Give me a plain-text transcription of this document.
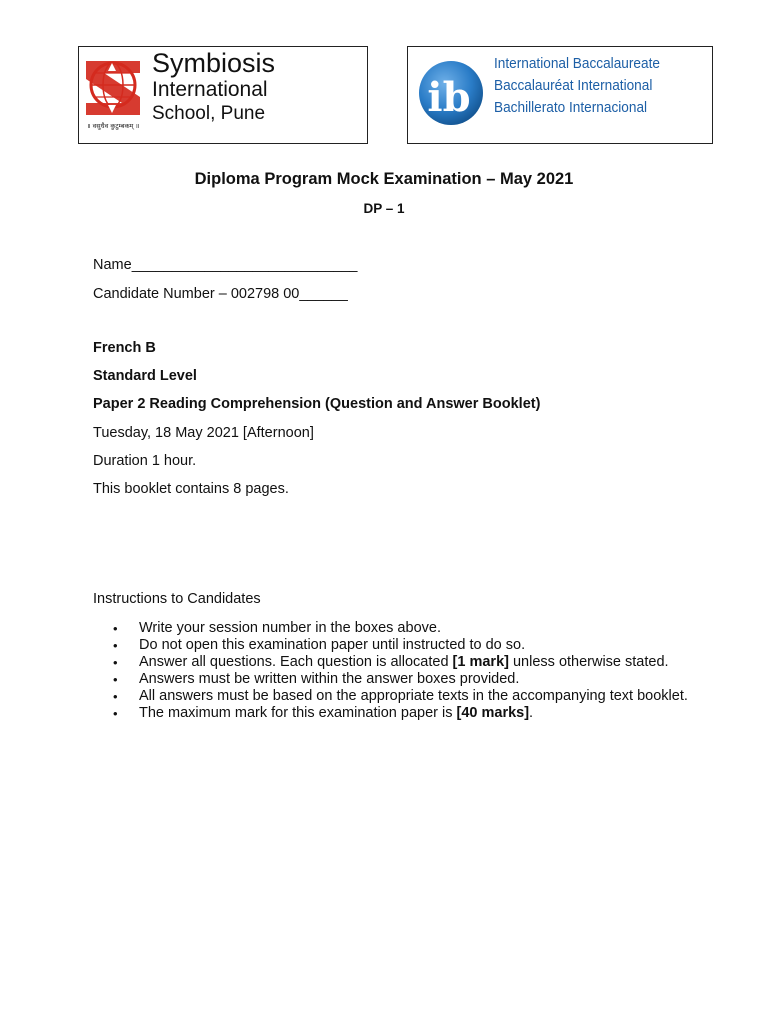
॥ वसुधैव कुटुम्बकम् ॥
Symbiosis
International
School, Pune	ib
International Baccalaureate
Baccalauréat International
Bachillerato Internacional
Diploma Program Mock Examination – May 2021
DP – 1
Name____________________________
Candidate Number – 002798 00______
French B
Standard Level
Paper 2 Reading Comprehension (Question and Answer Booklet)
Tuesday, 18 May 2021 [Afternoon]
Duration 1 hour.
This booklet contains 8 pages.
Instructions to Candidates
• Write your session number in the boxes above.
• Do not open this examination paper until instructed to do so.
• Answer all questions. Each question is allocated [1 mark] unless otherwise stated.
• Answers must be written within the answer boxes provided.
• All answers must be based on the appropriate texts in the accompanying text booklet.
• The maximum mark for this examination paper is [40 marks].
